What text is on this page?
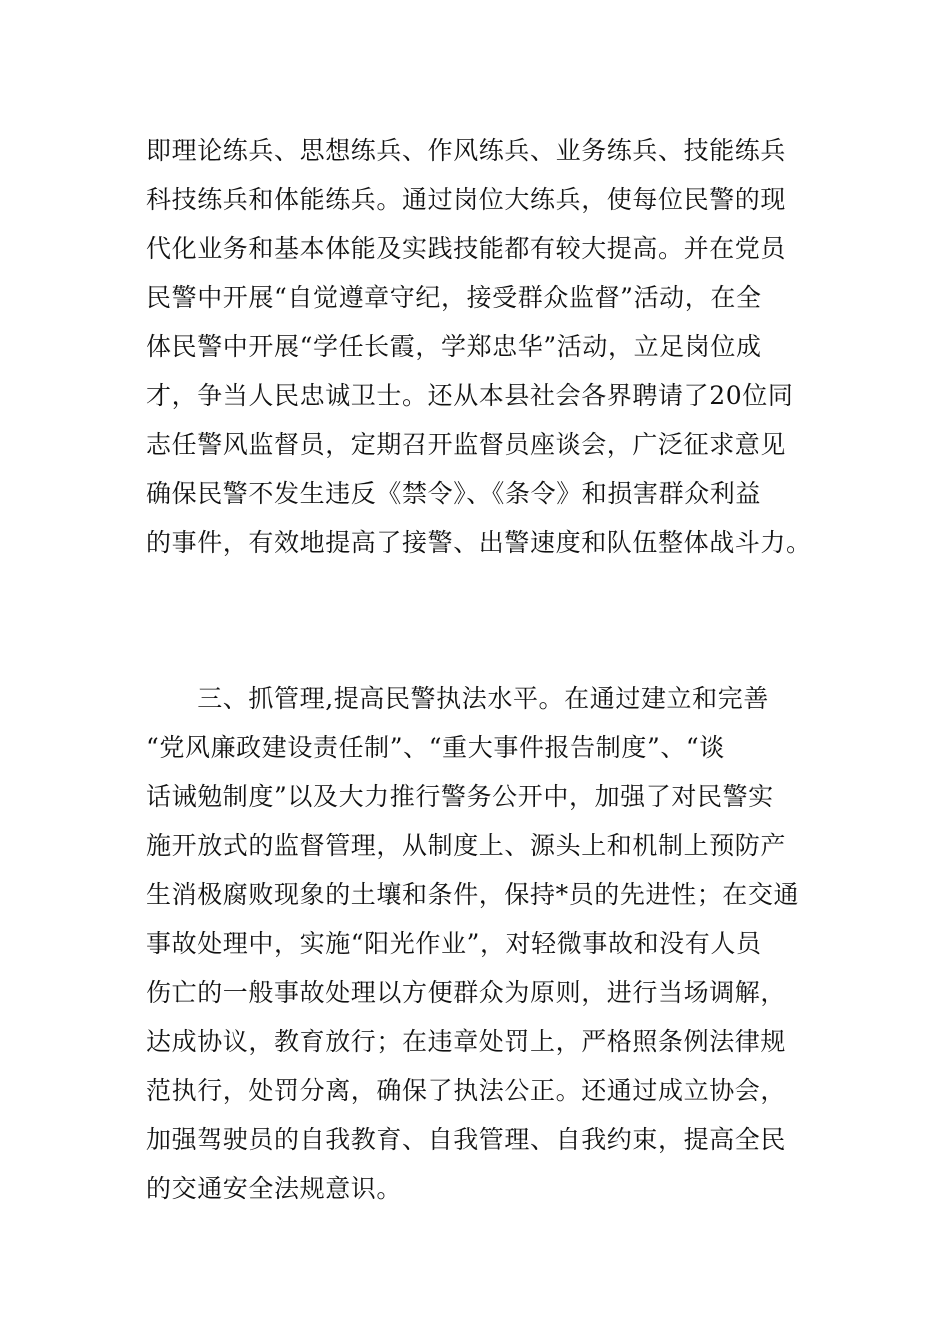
即理论练兵、思想练兵、作风练兵、业务练兵、技能练兵
科技练兵和体能练兵。通过岗位大练兵，使每位民警的现
代化业务和基本体能及实践技能都有较大提高。并在党员
民警中开展“自觉遵章守纪，接受群众监督”活动，在全
体民警中开展“学任长霞，学郑忠华”活动，立足岗位成
才，争当人民忠诚卫士。还从本县社会各界聘请了20位同
志任警风监督员，定期召开监督员座谈会，广泛征求意见
确保民警不发生违反《禁令》、《条令》和损害群众利益
的事件，有效地提高了接警、出警速度和队伍整体战斗力。
　　三、抓管理,提高民警执法水平。在通过建立和完善
“党风廉政建设责任制”、“重大事件报告制度”、“谈
话诫勉制度”以及大力推行警务公开中，加强了对民警实
施开放式的监督管理，从制度上、源头上和机制上预防产
生消极腐败现象的土壤和条件，保持*员的先进性；在交通
事故处理中，实施“阳光作业”，对轻微事故和没有人员
伤亡的一般事故处理以方便群众为原则，进行当场调解，
达成协议，教育放行；在违章处罚上，严格照条例法律规
范执行，处罚分离，确保了执法公正。还通过成立协会，
加强驾驶员的自我教育、自我管理、自我约束，提高全民
的交通安全法规意识。
